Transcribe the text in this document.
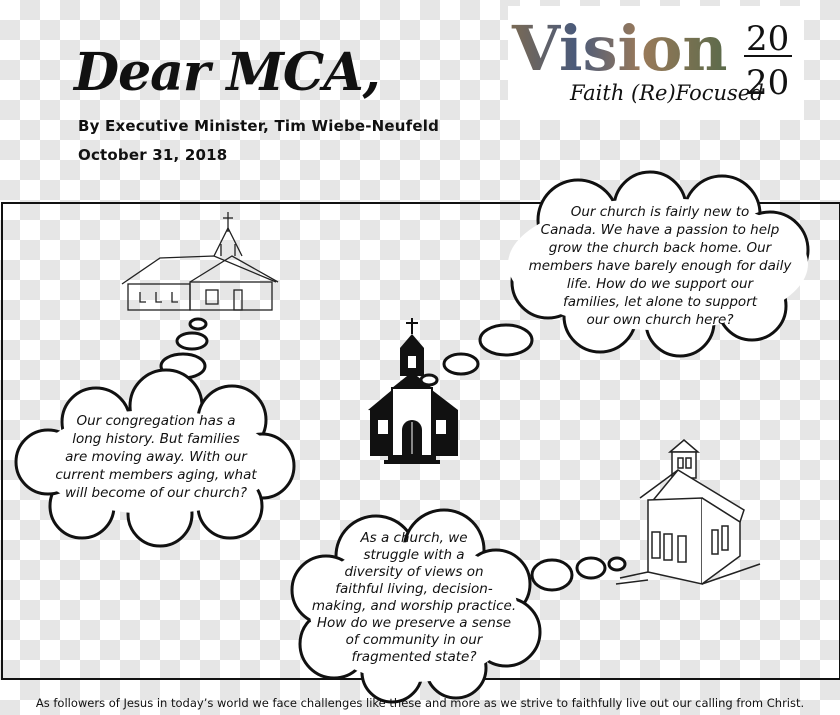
Dear MCA,
By Executive Minister, Tim Wiebe-Neufeld
October 31, 2018
Vision
Faith (Re)Focused
20
20
Our church is fairly new to
Canada. We have a passion to help
grow the church back home. Our
members have barely enough for daily
life. How do we support our
families, let alone to support
our own church here?
Our congregation has a
long history. But families
are moving away. With our
current members aging, what
will become of our church?
As a church, we
struggle with a
diversity of views on
faithful living, decision-
making, and worship practice.
How do we preserve a sense
of community in our
fragmented state?
As followers of Jesus in today’s world we face challenges like these and more as we strive to faithfully live out our calling from Christ.
